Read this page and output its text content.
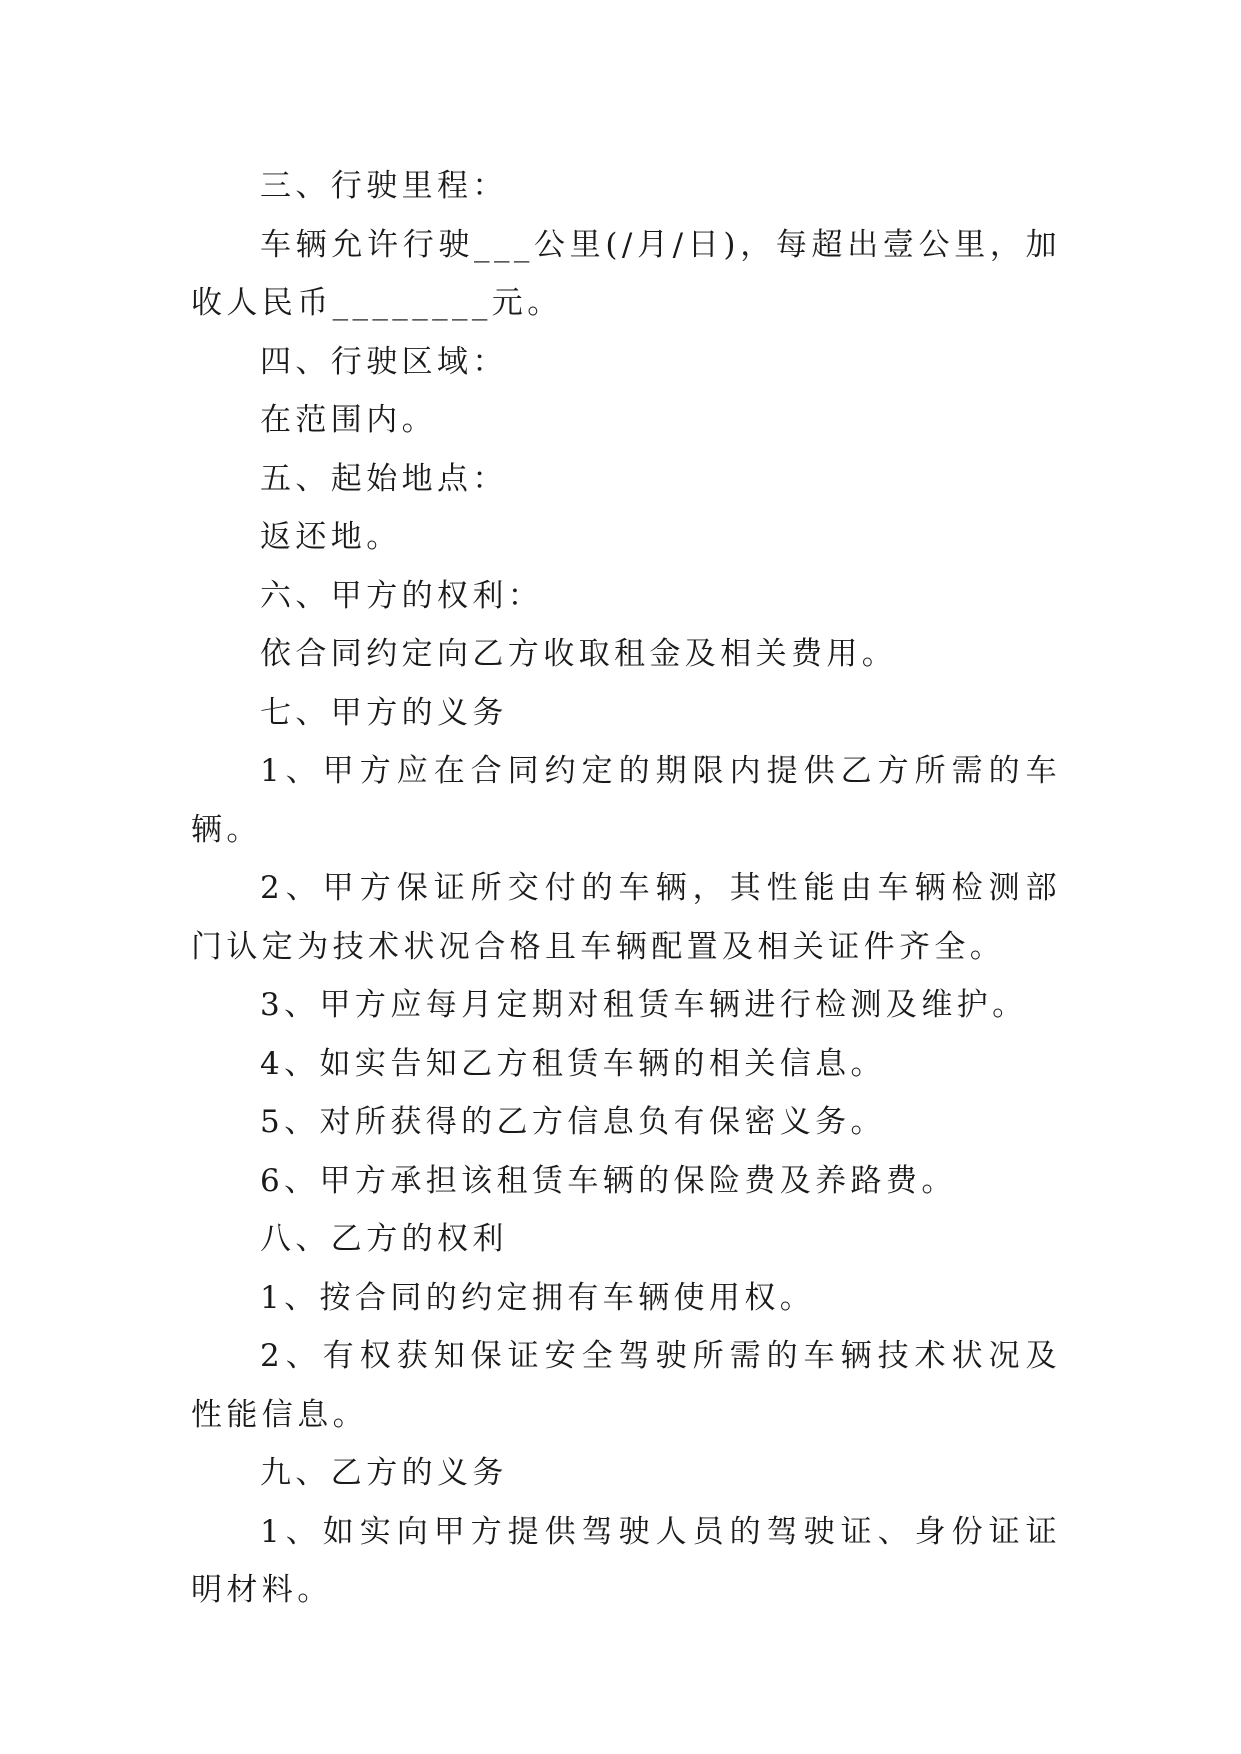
三、行驶里程：

车辆允许行驶___公里(/月/日)，每超出壹公里，加收人民币________元。

四、行驶区域：

在范围内。

五、起始地点：

返还地。

六、甲方的权利：

依合同约定向乙方收取租金及相关费用。

七、甲方的义务

1、甲方应在合同约定的期限内提供乙方所需的车辆。

2、甲方保证所交付的车辆，其性能由车辆检测部门认定为技术状况合格且车辆配置及相关证件齐全。

3、甲方应每月定期对租赁车辆进行检测及维护。

4、如实告知乙方租赁车辆的相关信息。

5、对所获得的乙方信息负有保密义务。

6、甲方承担该租赁车辆的保险费及养路费。

八、乙方的权利

1、按合同的约定拥有车辆使用权。

2、有权获知保证安全驾驶所需的车辆技术状况及性能信息。

九、乙方的义务

1、如实向甲方提供驾驶人员的驾驶证、身份证证明材料。
